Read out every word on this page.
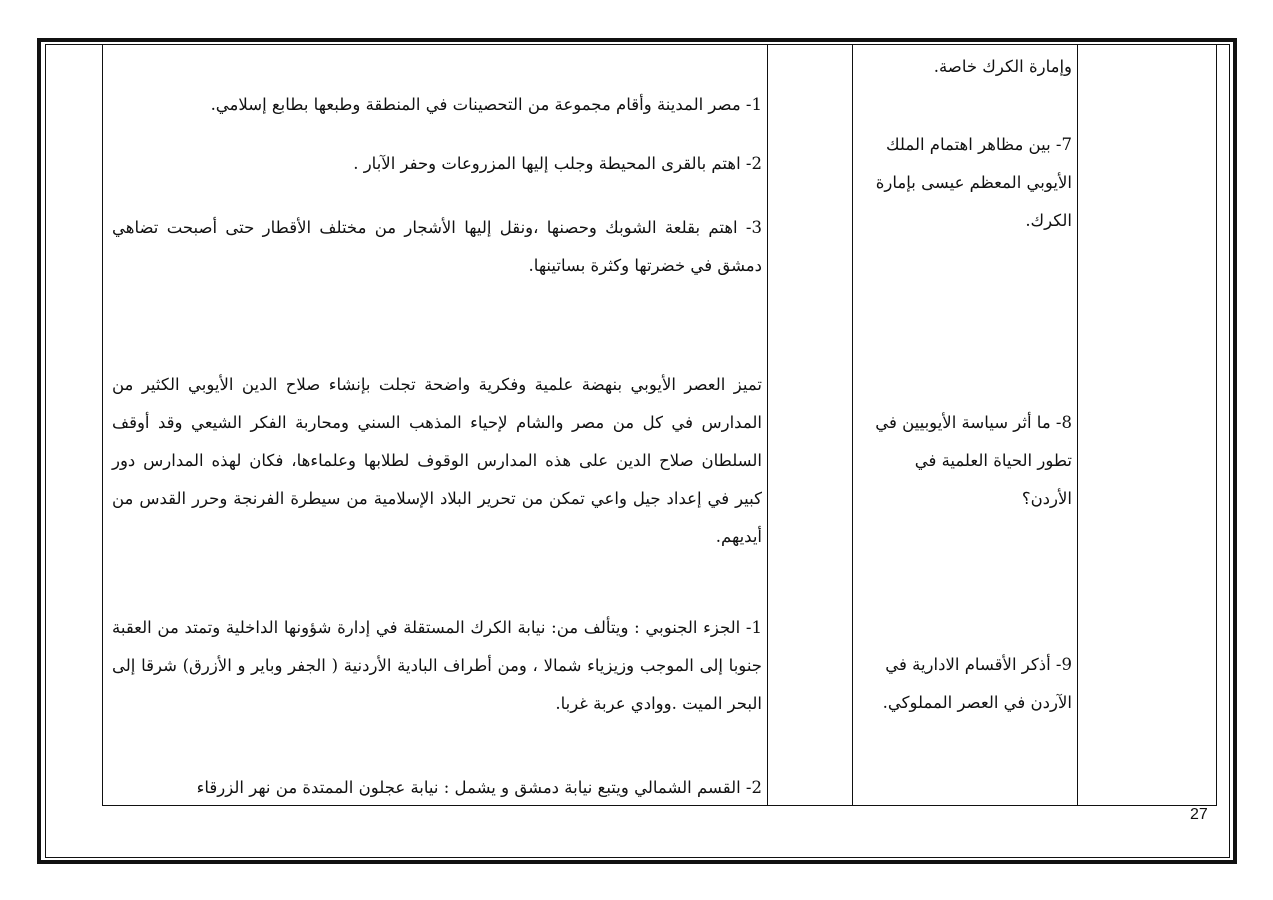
وإمارة الكرك خاصة.

7- بين مظاهر اهتمام الملك الأيوبي المعظم عيسى بإمارة الكرك.

8- ما أثر سياسة الأيوبيين في تطور الحياة العلمية في الأردن؟

9- أذكر الأقسام الادارية في الآردن في العصر المملوكي.

1- مصر المدينة وأقام مجموعة من التحصينات في المنطقة وطبعها بطابع إسلامي.

2- اهتم بالقرى المحيطة وجلب إليها المزروعات وحفر الآبار .

3- اهتم بقلعة الشوبك وحصنها ،ونقل إليها الأشجار من مختلف الأقطار حتى أصبحت تضاهي دمشق في خضرتها وكثرة بساتينها.

تميز العصر الأيوبي بنهضة علمية وفكرية واضحة تجلت بإنشاء صلاح الدين الأيوبي الكثير من المدارس في كل من مصر والشام لإحياء المذهب السني ومحاربة الفكر الشيعي وقد أوقف السلطان صلاح الدين على هذه المدارس الوقوف لطلابها وعلماءها، فكان لهذه المدارس دور كبير في إعداد جيل واعي تمكن من تحرير البلاد الإسلامية من سيطرة الفرنجة وحرر القدس من أيديهم.

1- الجزء الجنوبي : ويتألف من: نيابة الكرك المستقلة في إدارة شؤونها الداخلية وتمتد من العقبة جنوبا إلى الموجب وزيزياء شمالا ، ومن أطراف البادية الأردنية ( الجفر وباير و الأزرق) شرقا إلى البحر الميت .ووادي عربة غربا.

2- القسم الشمالي ويتبع نيابة دمشق و يشمل : نيابة عجلون الممتدة من نهر الزرقاء

27
